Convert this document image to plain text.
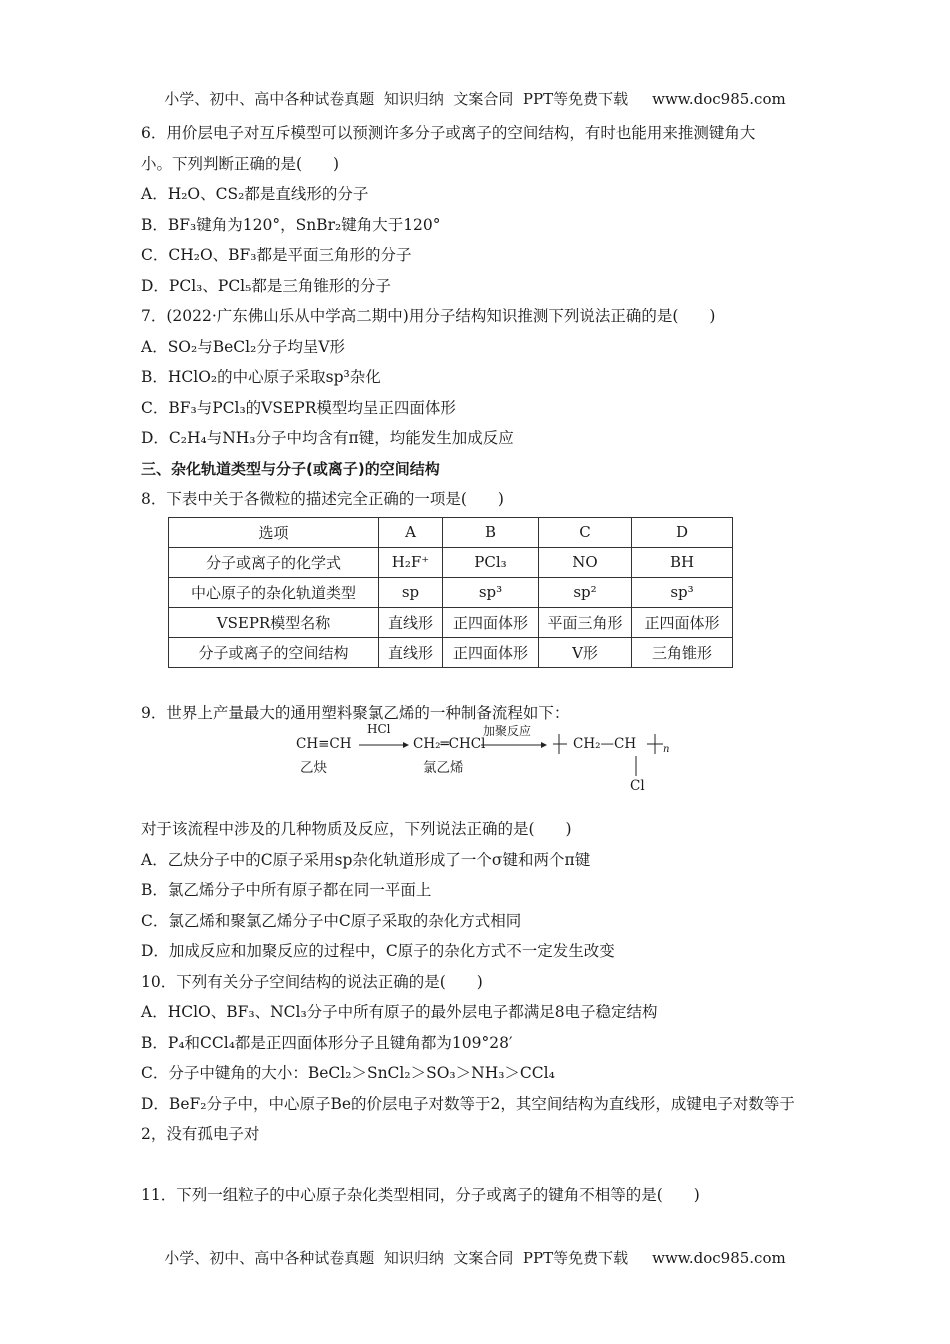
小学、初中、高中各种试卷真题  知识归纳  文案合同  PPT等免费下载 www.doc985.com
6．用价层电子对互斥模型可以预测许多分子或离子的空间结构，有时也能用来推测键角大
小。下列判断正确的是(　　)
A．H₂O、CS₂都是直线形的分子
B．BF₃键角为120°，SnBr₂键角大于120°
C．CH₂O、BF₃都是平面三角形的分子
D．PCl₃、PCl₅都是三角锥形的分子
7．(2022·广东佛山乐从中学高二期中)用分子结构知识推测下列说法正确的是(　　)
A．SO₂与BeCl₂分子均呈V形
B．HClO₂的中心原子采取sp³杂化
C．BF₃与PCl₃的VSEPR模型均呈正四面体形
D．C₂H₄与NH₃分子中均含有π键，均能发生加成反应
三、杂化轨道类型与分子(或离子)的空间结构
8．下表中关于各微粒的描述完全正确的一项是(　　)
选项	A	B	C	D
分子或离子的化学式	H₂F⁺	PCl₃	NO	BH
中心原子的杂化轨道类型	sp	sp³	sp²	sp³
VSEPR模型名称	直线形	正四面体形	平面三角形	正四面体形
分子或离子的空间结构	直线形	正四面体形	V形	三角锥形
9．世界上产量最大的通用塑料聚氯乙烯的一种制备流程如下：
CH≡CH
乙炔
HCl
→ CH₂═CHCl
氯乙烯
加聚反应
CH₂—CH	n
Cl
对于该流程中涉及的几种物质及反应，下列说法正确的是(　　)
A．乙炔分子中的C原子采用sp杂化轨道形成了一个σ键和两个π键
B．氯乙烯分子中所有原子都在同一平面上
C．氯乙烯和聚氯乙烯分子中C原子采取的杂化方式相同
D．加成反应和加聚反应的过程中，C原子的杂化方式不一定发生改变
10．下列有关分子空间结构的说法正确的是(　　)
A．HClO、BF₃、NCl₃分子中所有原子的最外层电子都满足8电子稳定结构
B．P₄和CCl₄都是正四面体形分子且键角都为109°28′
C．分子中键角的大小：BeCl₂＞SnCl₂＞SO₃＞NH₃＞CCl₄
D．BeF₂分子中，中心原子Be的价层电子对数等于2，其空间结构为直线形，成键电子对数等于2，没有孤电子对
11．下列一组粒子的中心原子杂化类型相同，分子或离子的键角不相等的是(　　)
小学、初中、高中各种试卷真题  知识归纳  文案合同  PPT等免费下载 www.doc985.com
